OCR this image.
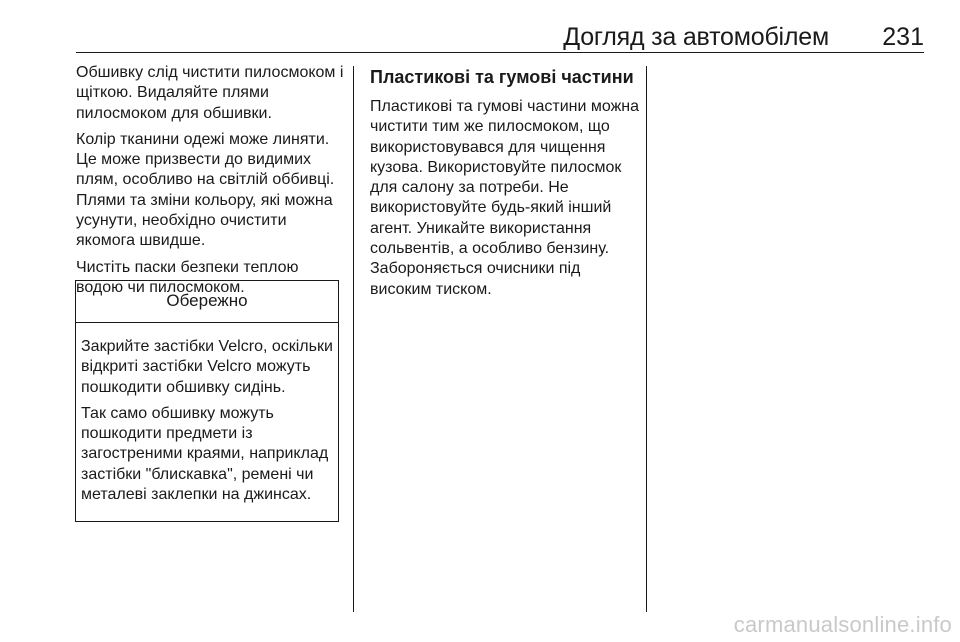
Догляд за автомобілем 231

Обшивку слід чистити пилосмоком і щіткою. Видаляйте плями пилосмоком для обшивки.

Колір тканини одежі може линяти. Це може призвести до видимих плям, особливо на світлій оббивці. Плями та зміни кольору, які можна усунути, необхідно очистити якомога швидше.

Чистіть паски безпеки теплою водою чи пилосмоком.

Обережно

Закрийте застібки Velcro, оскільки відкриті застібки Velcro можуть пошкодити обшивку сидінь.

Так само обшивку можуть пошкодити предмети із загостреними краями, наприклад застібки "блискавка", ремені чи металеві заклепки на джинсах.

Пластикові та гумові частини

Пластикові та гумові частини можна чистити тим же пилосмоком, що використовувався для чищення кузова. Використовуйте пилосмок для салону за потреби. Не використовуйте будь-який інший агент. Уникайте використання сольвентів, а особливо бензину. Забороняється очисники під високим тиском.

carmanualsonline.info
